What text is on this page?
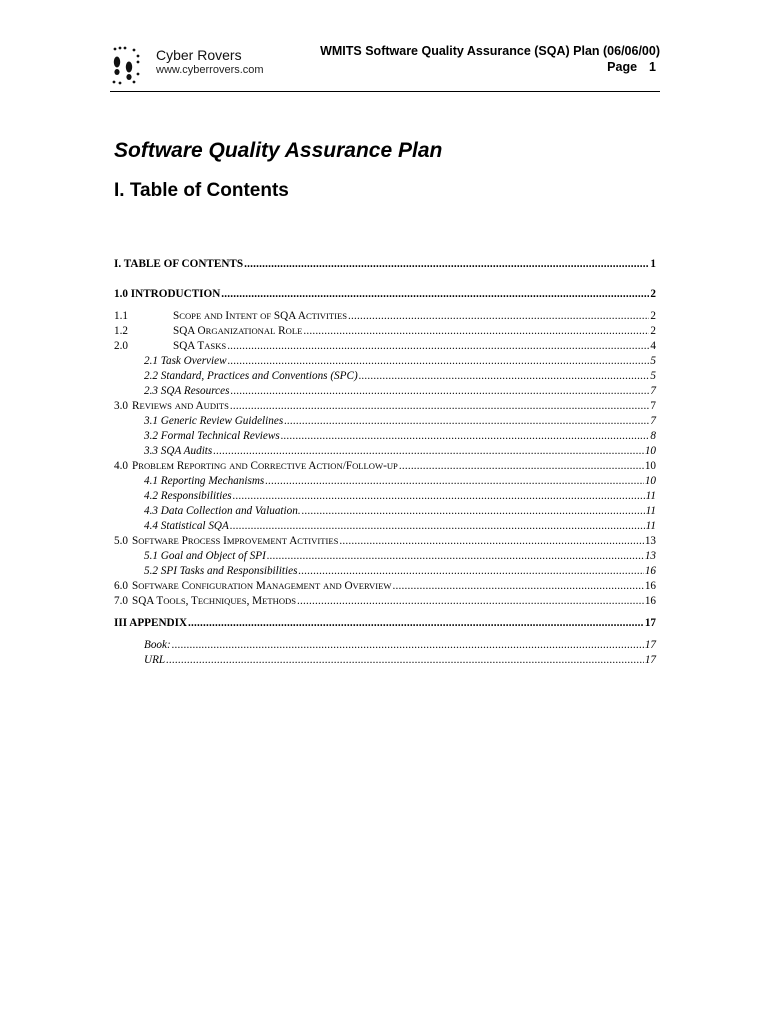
Cyber Rovers
www.cyberrovers.com
WMITS Software Quality Assurance (SQA) Plan (06/06/00)
Page 1
Software Quality Assurance Plan
I. Table of Contents
I. TABLE OF CONTENTS .....	1
1.0 INTRODUCTION .....	2
1.1	SCOPE AND INTENT OF SQA ACTIVITIES .....	2
1.2	SQA ORGANIZATIONAL ROLE .....	2
2.0	SQA TASKS .....	4
2.1 Task Overview .....	5
2.2 Standard, Practices and Conventions (SPC) .....	5
2.3 SQA Resources .....	7
3.0 REVIEWS AND AUDITS .....	7
3.1 Generic Review Guidelines .....	7
3.2 Formal Technical Reviews .....	8
3.3 SQA Audits .....	10
4.0 PROBLEM REPORTING AND CORRECTIVE ACTION/FOLLOW-UP .....	10
4.1 Reporting Mechanisms .....	10
4.2 Responsibilities .....	11
4.3 Data Collection and Valuation. .....	11
4.4 Statistical SQA .....	11
5.0 SOFTWARE PROCESS IMPROVEMENT ACTIVITIES .....	13
5.1 Goal and Object of SPI .....	13
5.2 SPI Tasks and Responsibilities .....	16
6.0 SOFTWARE CONFIGURATION MANAGEMENT AND OVERVIEW .....	16
7.0 SQA TOOLS, TECHNIQUES, METHODS .....	16
III APPENDIX .....	17
Book: .....	17
URL .....	17
